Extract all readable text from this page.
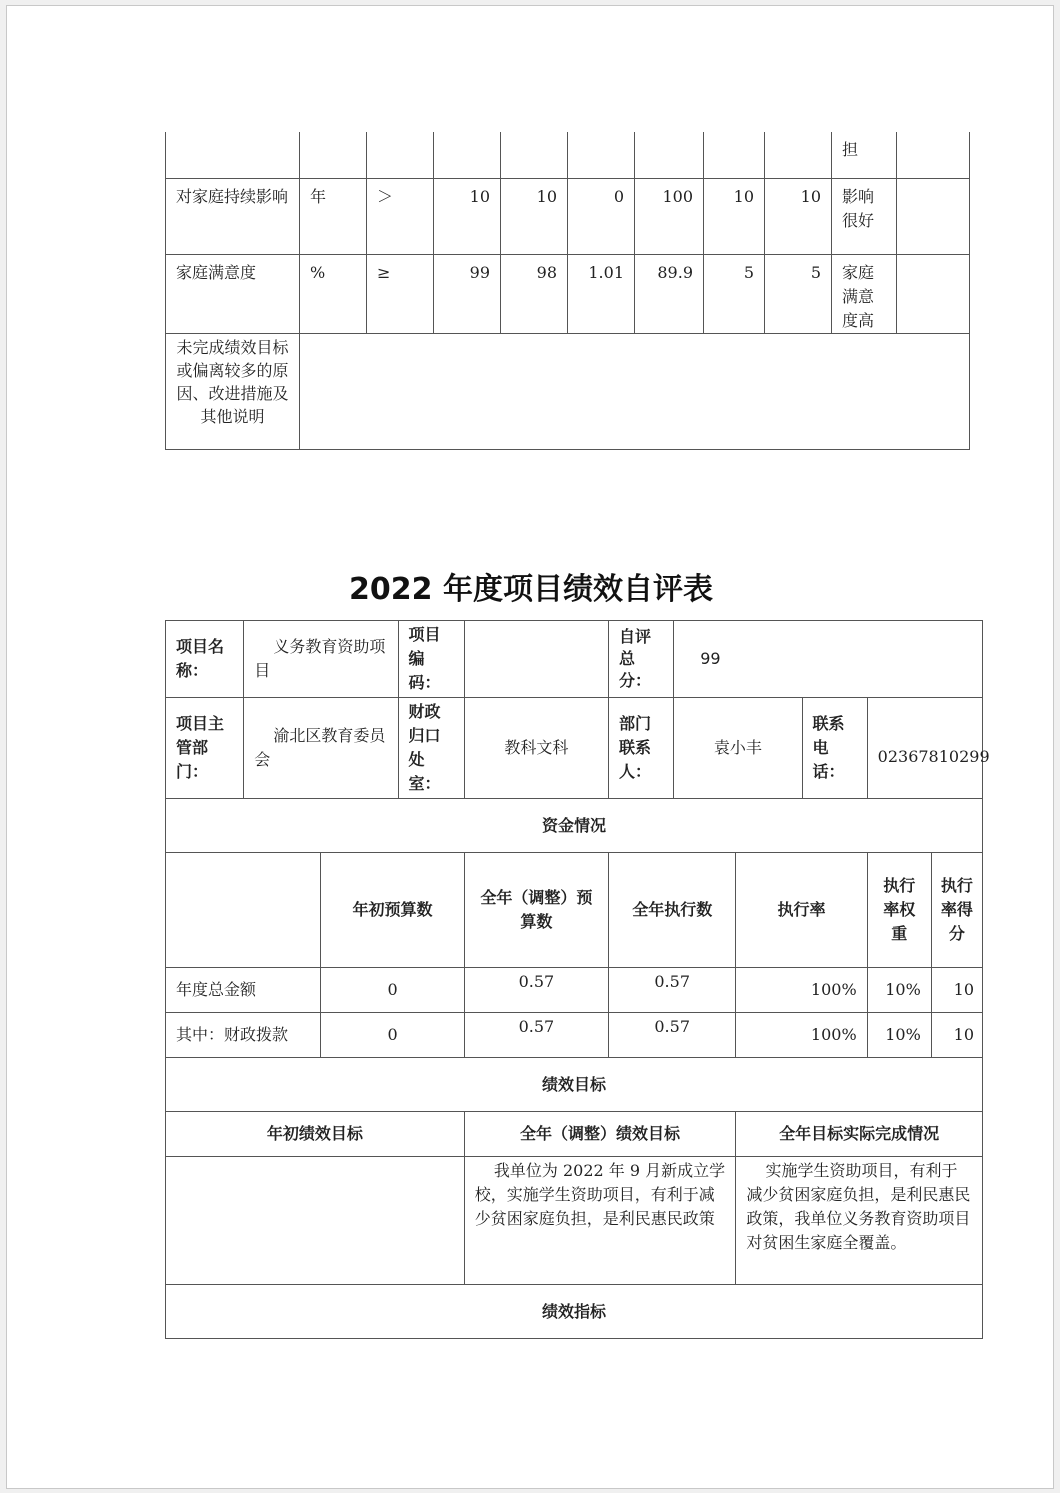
									担	
对家庭持续影响	年	＞	10	10	0	100	10	10	影响很好	
家庭满意度	%	≥	99	98	1.01	89.9	5	5	家庭满意度高	
未完成绩效目标或偏离较多的原因、改进措施及其他说明										
2022 年度项目绩效自评表
项目名称：	义务教育资助项目		项目编码：		自评总分：	99				
项目主管部门：	渝北区教育委员会		财政归口处室：	教科文科	部门联系人：	袁小丰		联系电话：	02367810299	
资金情况										
		年初预算数		全年（调整）预算数	全年执行数		执行率		执行率权重	执行率得分
年度总金额		0		0.57	0.57		100%		10%	10
其中：财政拨款		0		0.57	0.57		100%		10%	10
绩效目标										
年初绩效目标				全年（调整）绩效目标			全年目标实际完成情况			
				我单位为 2022 年 9 月新成立学校，实施学生资助项目，有利于减少贫困家庭负担，是利民惠民政策			实施学生资助项目，有利于减少贫困家庭负担，是利民惠民政策，我单位义务教育资助项目对贫困生家庭全覆盖。			
绩效指标										
